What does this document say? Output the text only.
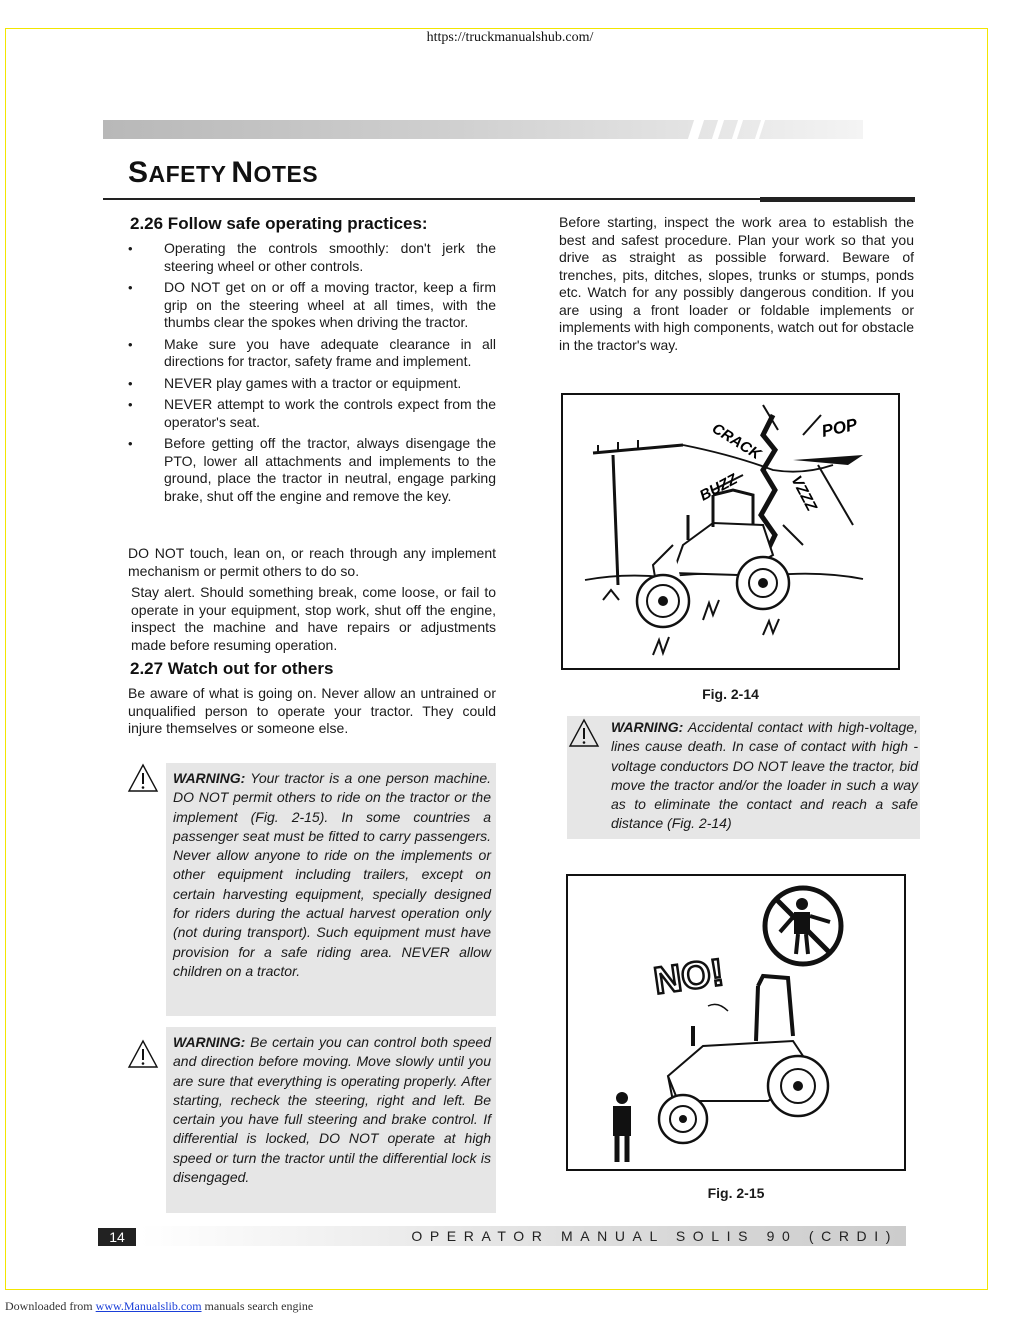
https://truckmanualshub.com/
SAFETY NOTES
2.26 Follow safe operating practices:
• Operating the controls smoothly: don't jerk the steering wheel or other controls.
• DO NOT get on or off a moving tractor, keep a firm grip on the steering wheel at all times, with the thumbs clear the spokes when driving the tractor.
• Make sure you have adequate clearance in all directions for tractor, safety frame and implement.
• NEVER play games with a tractor or equipment.
• NEVER attempt to work the controls expect from the operator's seat.
• Before getting off the tractor, always disengage the PTO, lower all attachments and implements to the ground, place the tractor in neutral, engage parking brake, shut off the engine and remove the key.
DO NOT touch, lean on, or reach through any implement mechanism or permit others to do so.
Stay alert. Should something break, come loose, or fail to operate in your equipment, stop work, shut off the engine, inspect the machine and have repairs or adjustments made before resuming operation.
2.27 Watch out for others
Be aware of what is going on. Never allow an untrained or unqualified person to operate your tractor. They could injure themselves or someone else.
WARNING: Your tractor is a one person machine. DO NOT permit others to ride on the tractor or the implement (Fig. 2-15). In some countries a passenger seat must be fitted to carry passengers. Never allow anyone to ride on the implements or other equipment including trailers, except on certain harvesting equipment, specially designed for riders during the actual harvest operation only (not during transport). Such equipment must have provision for a safe riding area. NEVER allow children on a tractor.
WARNING: Be certain you can control both speed and direction before moving. Move slowly until you are sure that everything is operating properly. After starting, recheck the steering, right and left. Be certain you have full steering and brake control. If differential is locked, DO NOT operate at high speed or turn the tractor until the differential lock is disengaged.
Before starting, inspect the work area to establish the best and safest procedure. Plan your work so that you drive as straight as possible forward. Beware of trenches, pits, ditches, slopes, trunks or stumps, ponds etc. Watch for any possibly dangerous condition. If you are using a front loader or foldable implements or implements with high components, watch out for obstacle in the tractor's way.
CRACK	POP
BUZZ	VZZZ
Fig. 2-14
WARNING: Accidental contact with high-voltage, lines cause death. In case of contact with high -voltage conductors DO NOT leave the tractor, bid move the tractor and/or the loader in such a way as to eliminate the contact and reach a safe distance (Fig. 2-14)
NO!
Fig. 2-15
14	OPERATOR MANUAL SOLIS 90 (CRDI)
Downloaded from www.Manualslib.com manuals search engine
